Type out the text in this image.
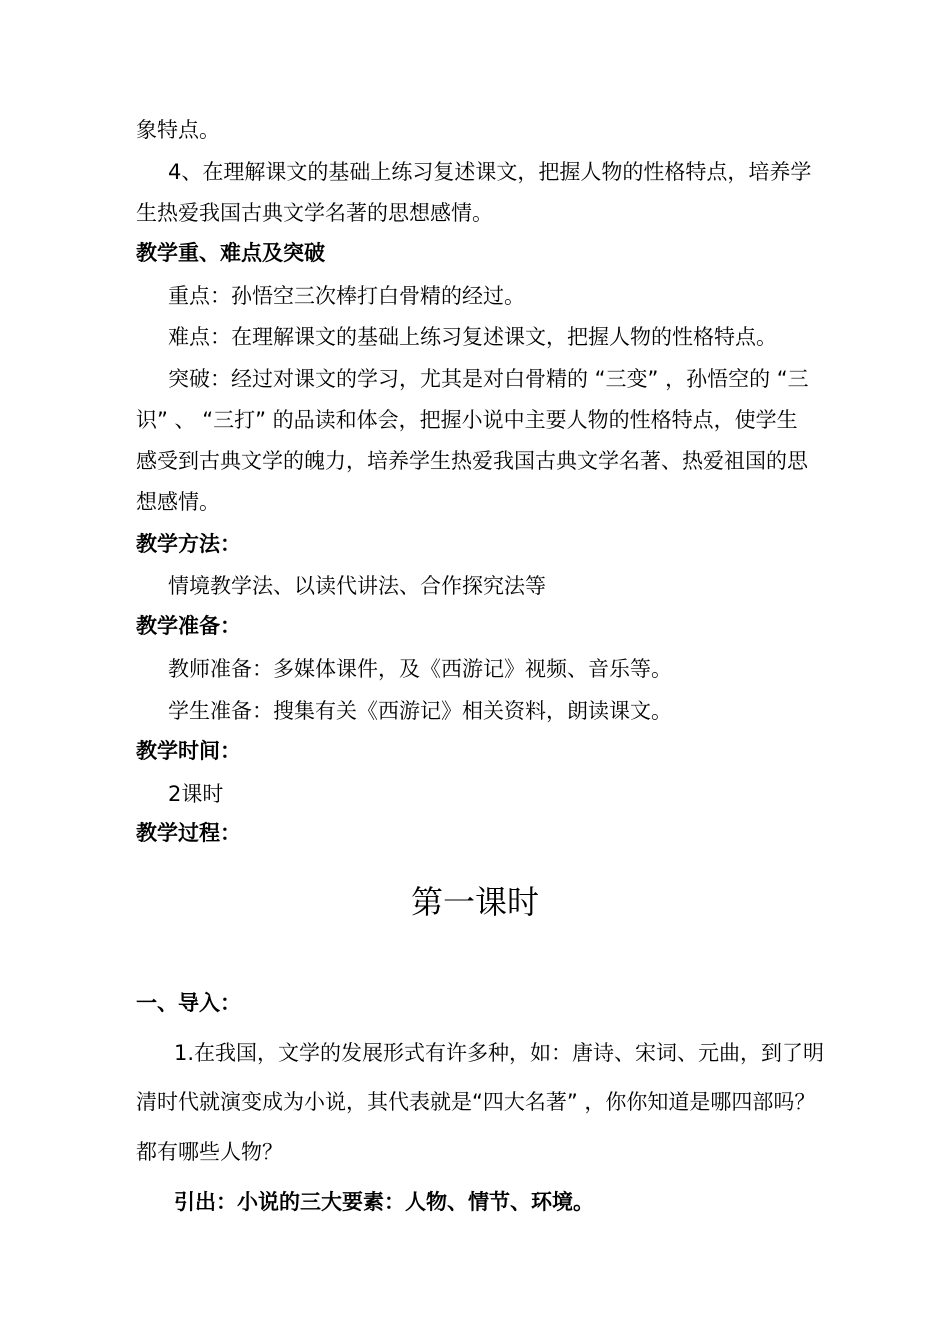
象特点。
4、在理解课文的基础上练习复述课文，把握人物的性格特点，培养学
生热爱我国古典文学名著的思想感情。
教学重、难点及突破
重点：孙悟空三次棒打白骨精的经过。
难点：在理解课文的基础上练习复述课文，把握人物的性格特点。
突破：经过对课文的学习，尤其是对白骨精的 “三变” ，孙悟空的 “三
识” 、 “三打” 的品读和体会，把握小说中主要人物的性格特点，使学生
感受到古典文学的魄力，培养学生热爱我国古典文学名著、热爱祖国的思
想感情。
教学方法：
情境教学法、以读代讲法、合作探究法等
教学准备：
教师准备：多媒体课件，及《西游记》视频、音乐等。
学生准备：搜集有关《西游记》相关资料，朗读课文。
教学时间：
2课时
教学过程：
第一课时
一、导入：
1.在我国，文学的发展形式有许多种，如：唐诗、宋词、元曲，到了明
清时代就演变成为小说，其代表就是“四大名著” ，你你知道是哪四部吗？
都有哪些人物？
引出：小说的三大要素：人物、情节、环境。
